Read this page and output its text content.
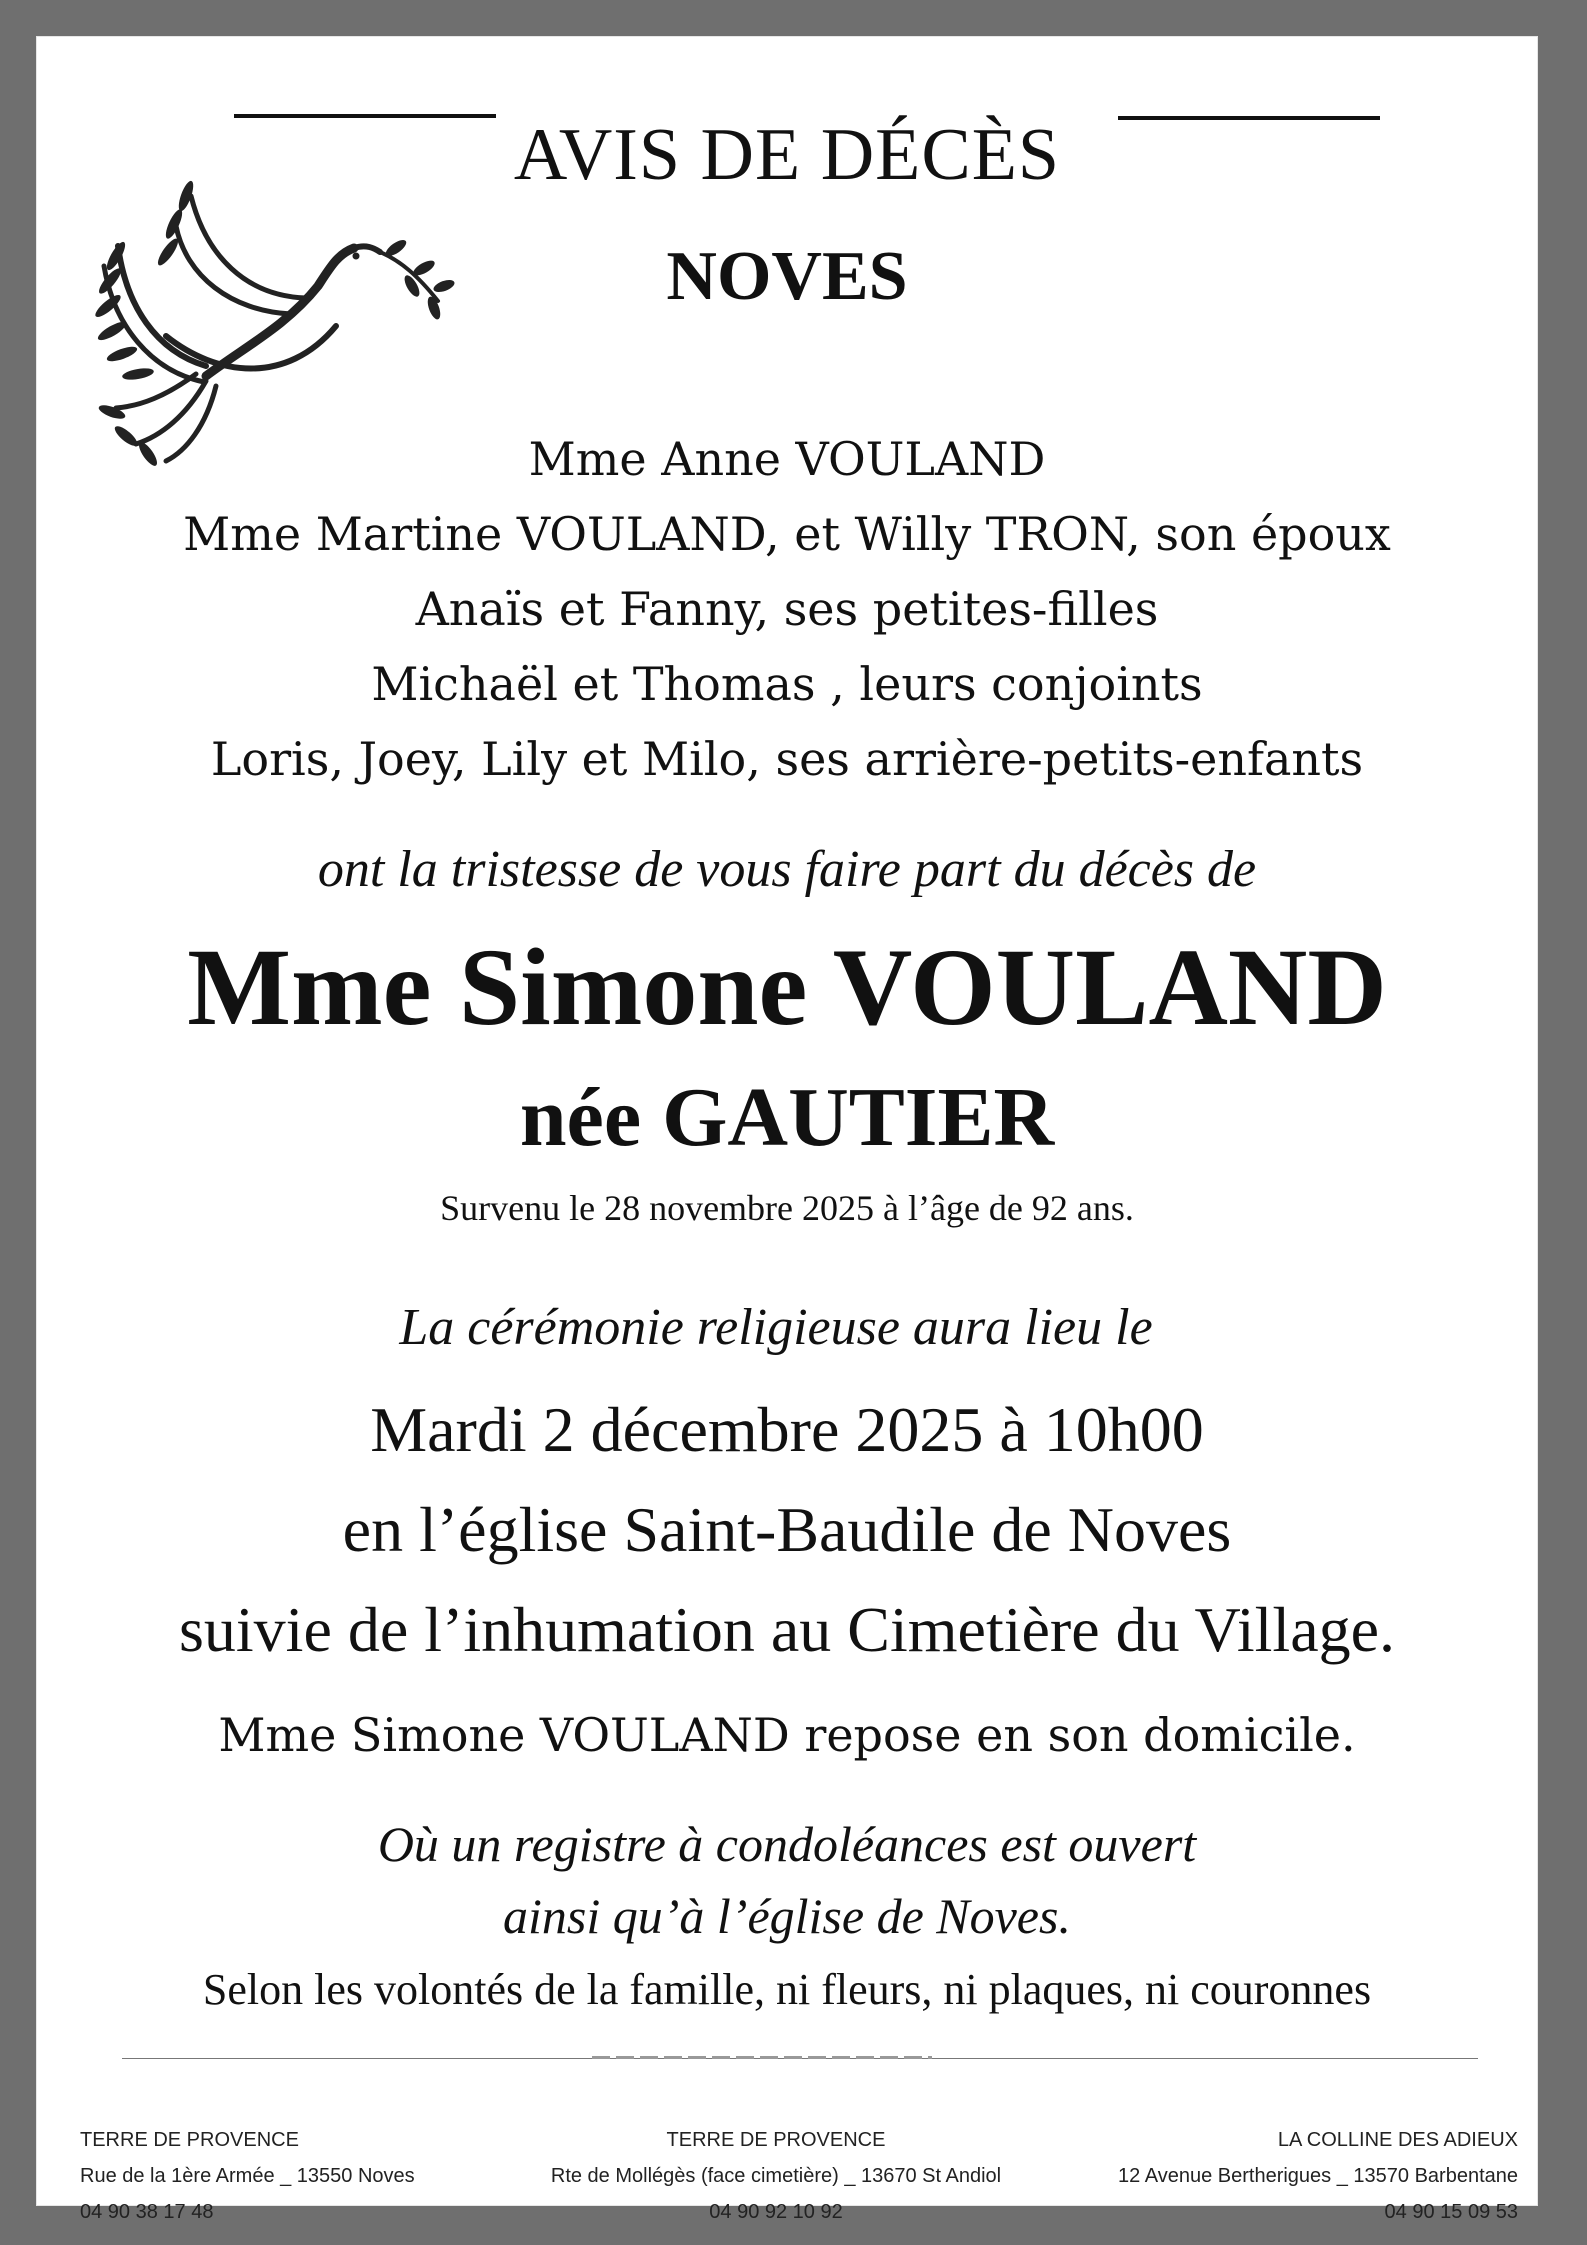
AVIS DE DÉCÈS
NOVES
Mme Anne VOULAND
Mme Martine VOULAND, et Willy TRON, son époux
Anaïs et Fanny, ses petites-filles
Michaël et Thomas , leurs conjoints
Loris, Joey, Lily et Milo, ses arrière-petits-enfants
ont la tristesse de vous faire part du décès de
Mme Simone VOULAND
née GAUTIER
Survenu le 28 novembre 2025 à l’âge de 92 ans.
La cérémonie religieuse aura lieu le
Mardi 2 décembre 2025 à 10h00
en l’église Saint-Baudile de Noves
suivie de l’inhumation au Cimetière du Village.
Mme Simone VOULAND repose en son domicile.
Où un registre à condoléances est ouvert
ainsi qu’à l’église de Noves.
Selon les volontés de la famille, ni fleurs, ni plaques, ni couronnes
TERRE DE PROVENCE
Rue de la 1ère Armée _ 13550 Noves
04 90 38 17 48
TERRE DE PROVENCE
Rte de Mollégès (face cimetière) _ 13670 St Andiol
04 90 92 10 92
LA COLLINE DES ADIEUX
12 Avenue Bertherigues _ 13570 Barbentane
04 90 15 09 53
